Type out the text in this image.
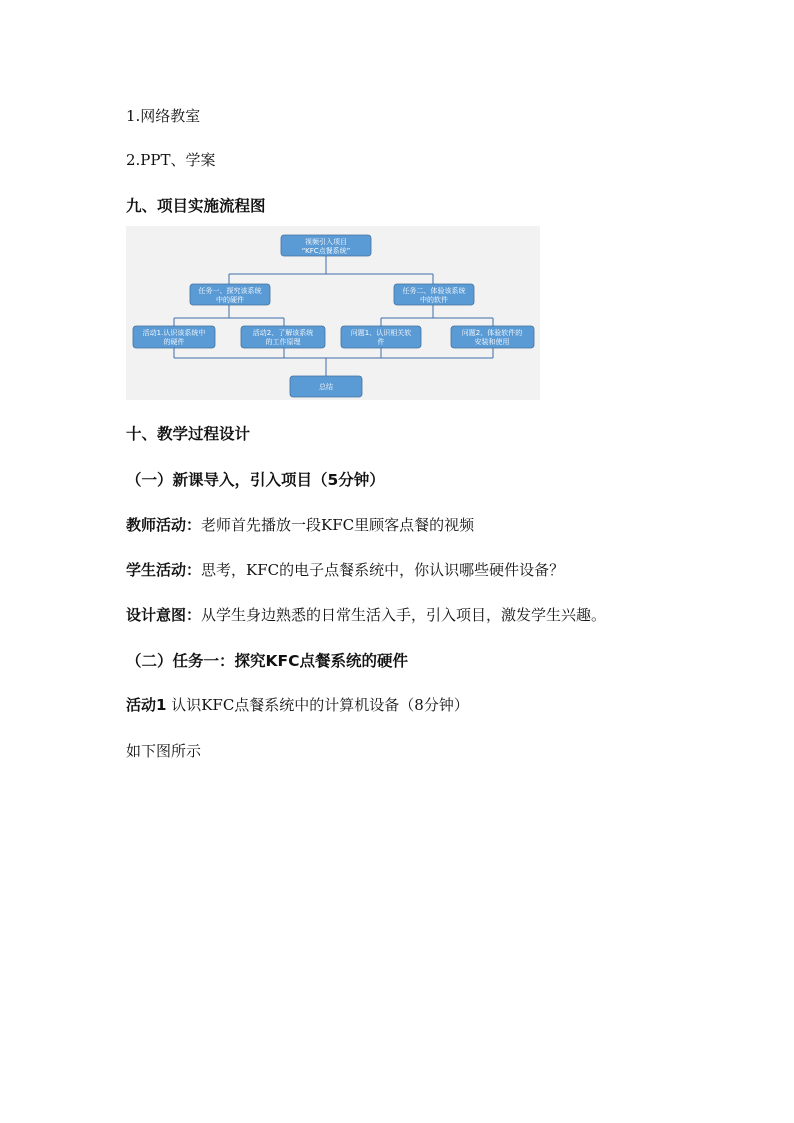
1.网络教室
2.PPT、学案
九、项目实施流程图
视频引入项目
“KFC点餐系统”
任务一、探究该系统
中的硬件
任务二、体验该系统
中的软件
活动1.认识该系统中
的硬件
活动2、了解该系统
的工作原理
问题1、认识相关软
件
问题2、体验软件的
安装和使用
总结
十、教学过程设计
（一）新课导入，引入项目（5分钟）
教师活动：老师首先播放一段KFC里顾客点餐的视频
学生活动：思考，KFC的电子点餐系统中，你认识哪些硬件设备？
设计意图：从学生身边熟悉的日常生活入手，引入项目，激发学生兴趣。
（二）任务一：探究KFC点餐系统的硬件
活动1 认识KFC点餐系统中的计算机设备（8分钟）
如下图所示
